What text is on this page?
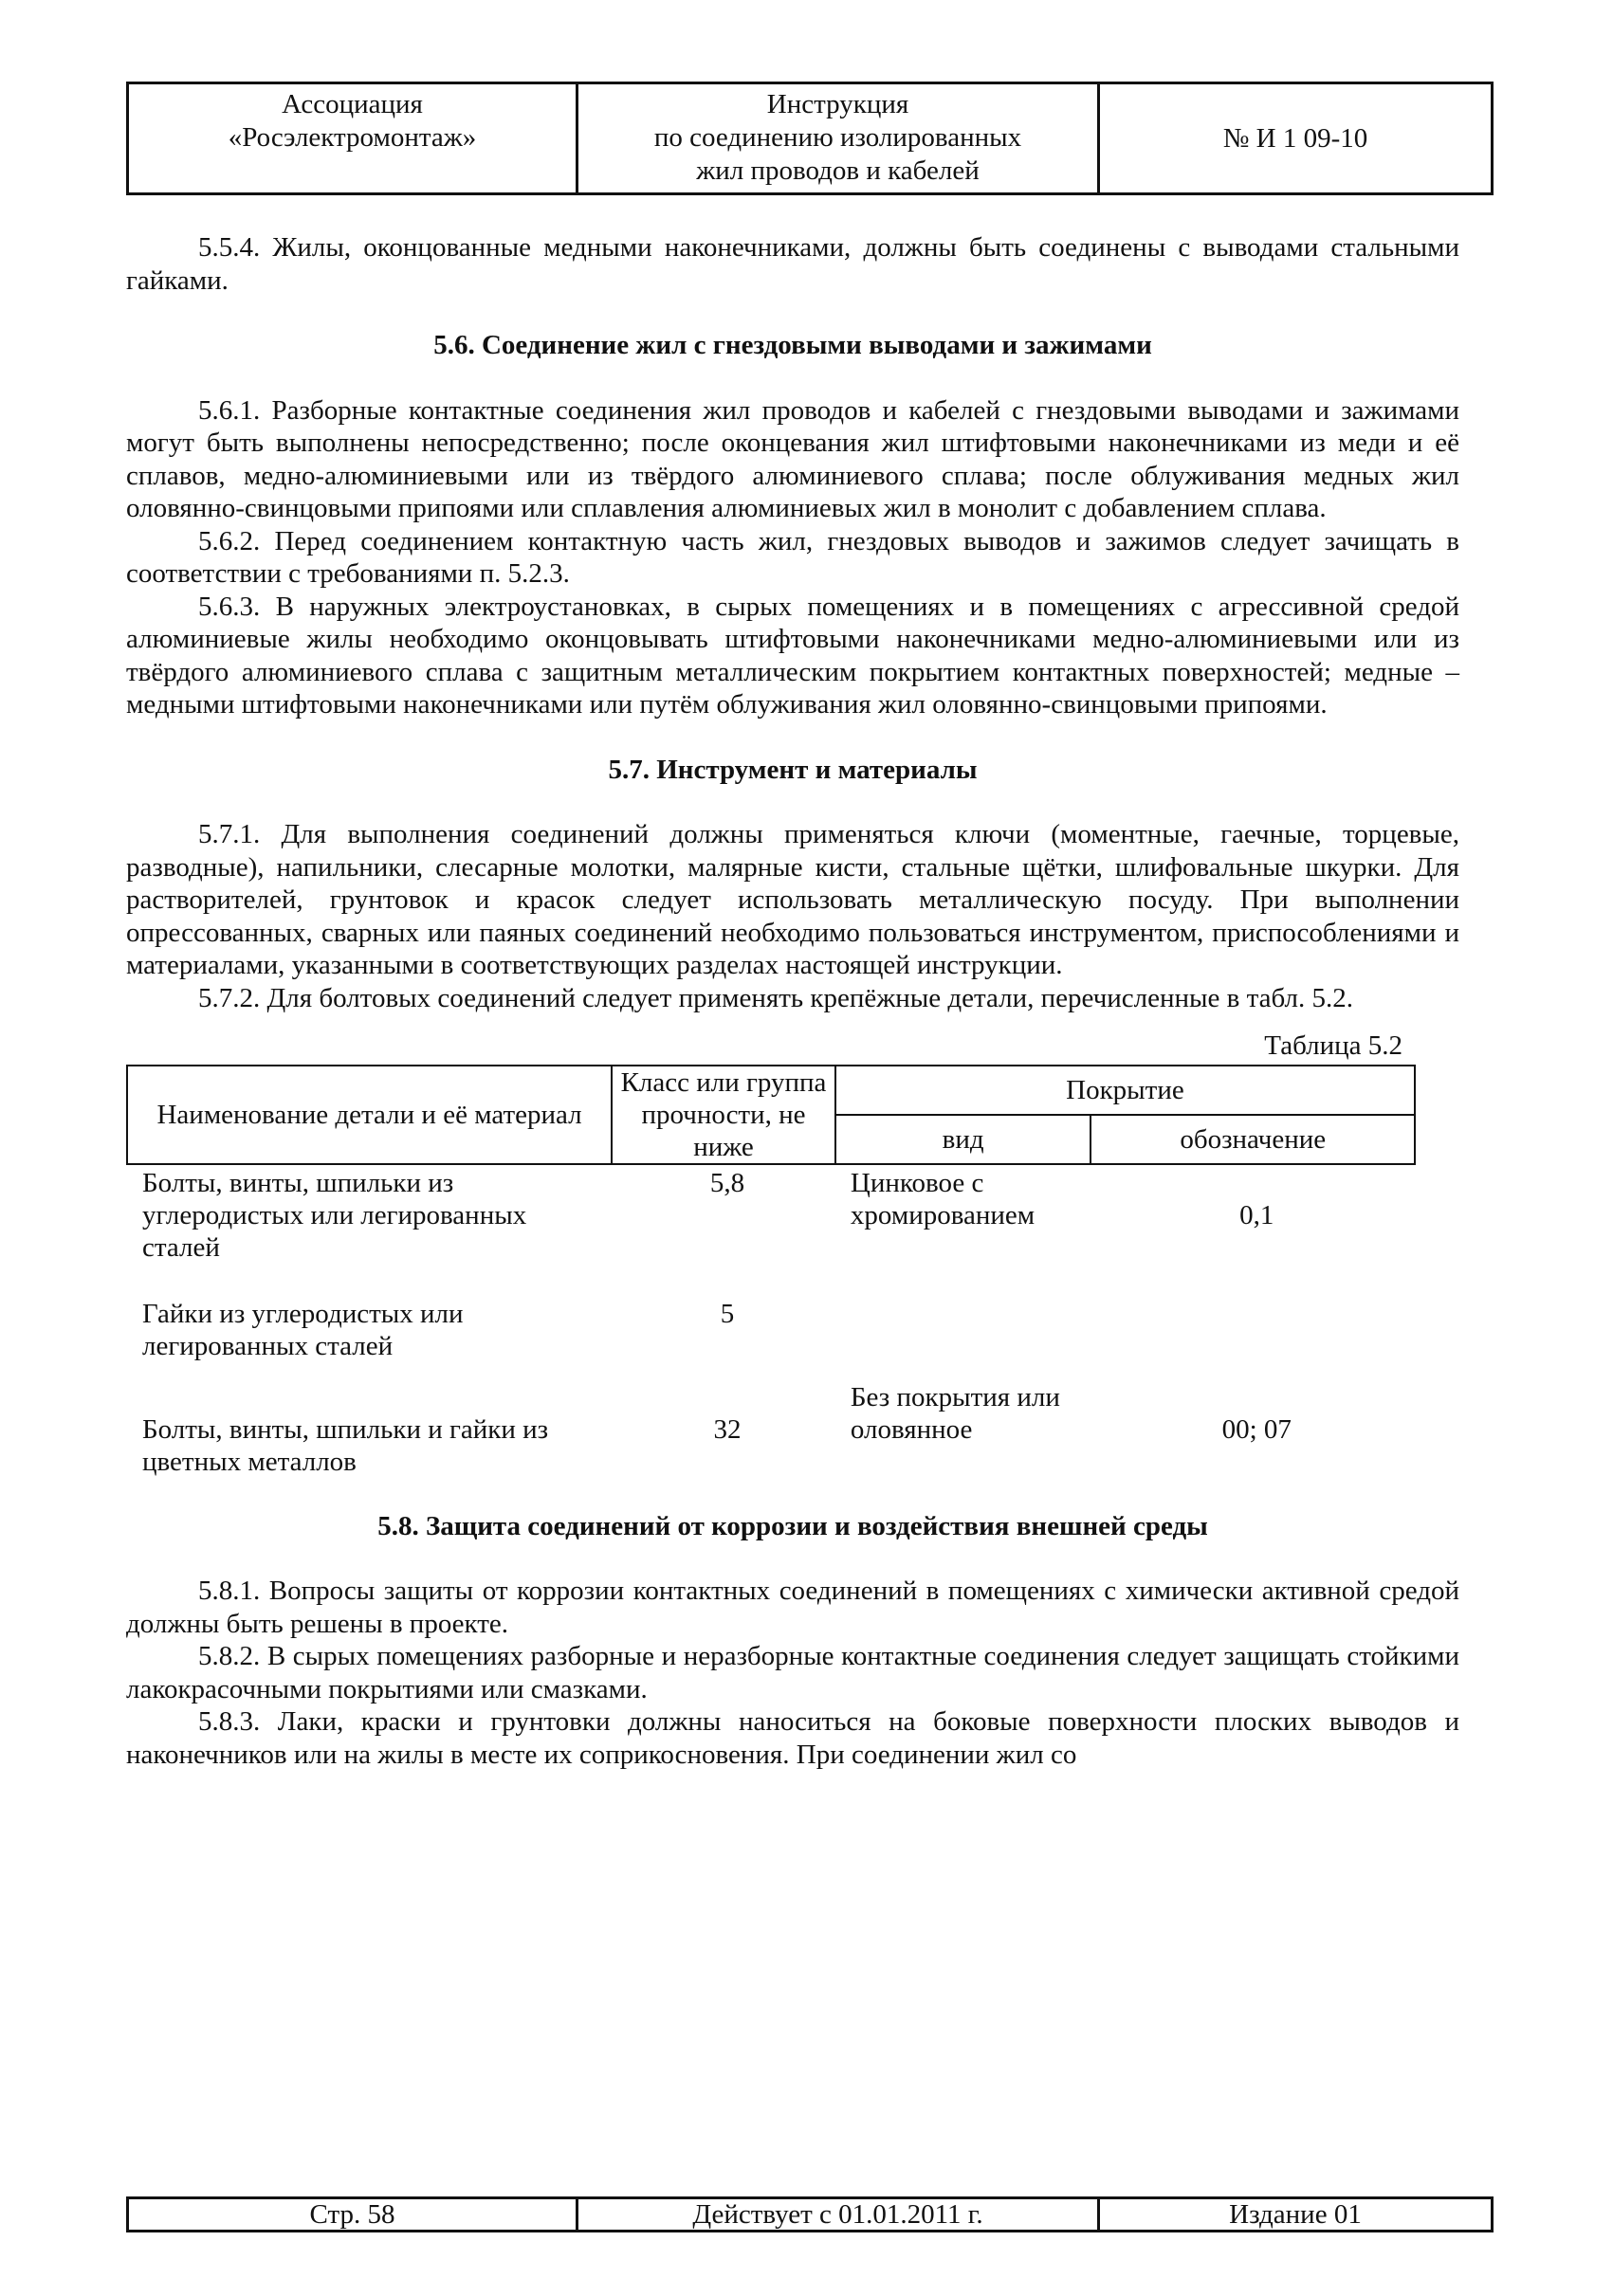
Ассоциация
«Росэлектромонтаж»
Инструкция
по соединению изолированных
жил проводов и кабелей
№ И 1 09-10

5.5.4. Жилы, оконцованные медными наконечниками, должны быть соединены с выводами стальными гайками.

5.6. Соединение жил с гнездовыми выводами и зажимами

5.6.1. Разборные контактные соединения жил проводов и кабелей с гнездовыми выводами и зажимами могут быть выполнены непосредственно; после оконцевания жил штифтовыми наконечниками из меди и её сплавов, медно-алюминиевыми или из твёрдого алюминиевого сплава; после облуживания медных жил оловянно-свинцовыми припоями или сплавления алюминиевых жил в монолит с добавлением сплава.

5.6.2. Перед соединением контактную часть жил, гнездовых выводов и зажимов следует зачищать в соответствии с требованиями п. 5.2.3.

5.6.3. В наружных электроустановках, в сырых помещениях и в помещениях с агрессивной средой алюминиевые жилы необходимо оконцовывать штифтовыми наконечниками медно-алюминиевыми или из твёрдого алюминиевого сплава с защитным металлическим покрытием контактных поверхностей; медные – медными штифтовыми наконечниками или путём облуживания жил оловянно-свинцовыми припоями.

5.7. Инструмент и материалы

5.7.1. Для выполнения соединений должны применяться ключи (моментные, гаечные, торцевые, разводные), напильники, слесарные молотки, малярные кисти, стальные щётки, шлифовальные шкурки. Для растворителей, грунтовок и красок следует использовать металлическую посуду. При выполнении опрессованных, сварных или паяных соединений необходимо пользоваться инструментом, приспособлениями и материалами, указанными в соответствующих разделах настоящей инструкции.

5.7.2. Для болтовых соединений следует применять крепёжные детали, перечисленные в табл. 5.2.

Таблица 5.2
Наименование детали и её материал	Класс или группа прочности, не ниже	Покрытие	
		вид	обозначение
Болты, винты, шпильки из углеродистых или легированных сталей	5,8	Цинковое с хромированием	0,1
Гайки из углеродистых или легированных сталей	5		
Болты, винты, шпильки и гайки из цветных металлов	32	Без покрытия или оловянное	00; 07

5.8. Защита соединений от коррозии и воздействия внешней среды

5.8.1. Вопросы защиты от коррозии контактных соединений в помещениях с химически активной средой должны быть решены в проекте.

5.8.2. В сырых помещениях разборные и неразборные контактные соединения следует защищать стойкими лакокрасочными покрытиями или смазками.

5.8.3. Лаки, краски и грунтовки должны наноситься на боковые поверхности плоских выводов и наконечников или на жилы в месте их соприкосновения. При соединении жил со

Стр. 58	Действует с 01.01.2011 г.	Издание 01
